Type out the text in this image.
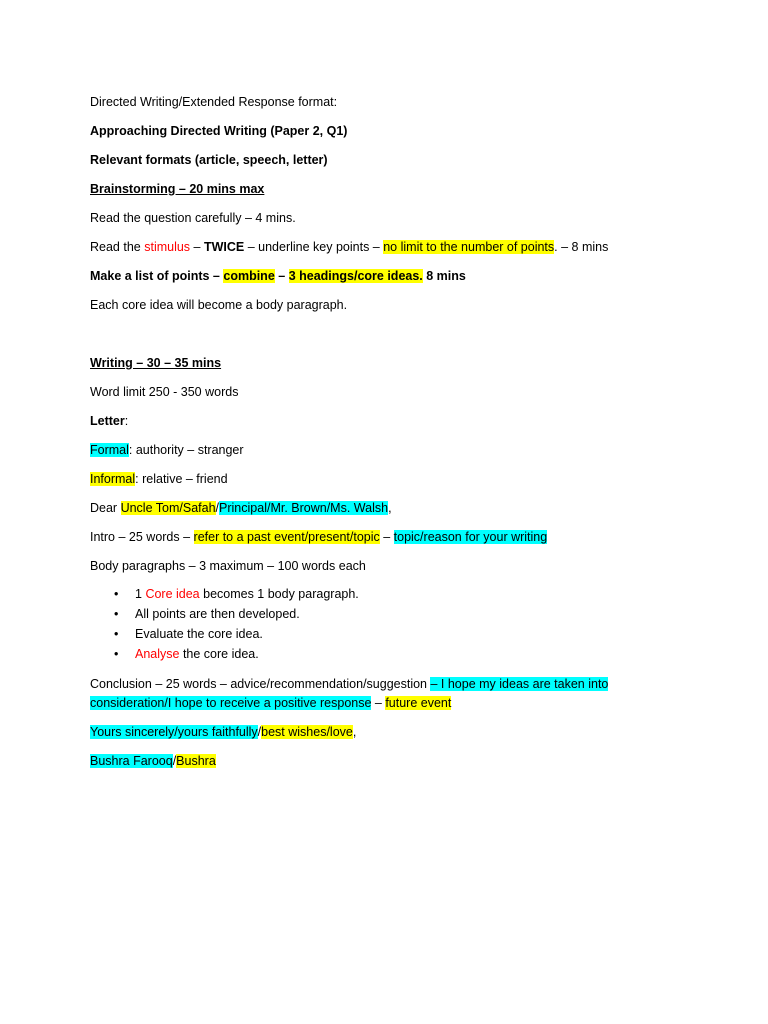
Directed Writing/Extended Response format:
Approaching Directed Writing (Paper 2, Q1)
Relevant formats (article, speech, letter)
Brainstorming – 20 mins max
Read the question carefully – 4 mins.
Read the stimulus – TWICE – underline key points – no limit to the number of points. – 8 mins
Make a list of points – combine – 3 headings/core ideas. 8 mins
Each core idea will become a body paragraph.
Writing – 30 – 35 mins
Word limit 250 - 350 words
Letter:
Formal: authority – stranger
Informal: relative – friend
Dear Uncle Tom/Safah/Principal/Mr. Brown/Ms. Walsh,
Intro – 25 words – refer to a past event/present/topic – topic/reason for your writing
Body paragraphs – 3 maximum – 100 words each
• 1 Core idea becomes 1 body paragraph.
• All points are then developed.
• Evaluate the core idea.
• Analyse the core idea.
Conclusion – 25 words – advice/recommendation/suggestion – I hope my ideas are taken into
consideration/I hope to receive a positive response – future event
Yours sincerely/yours faithfully/best wishes/love,
Bushra Farooq/Bushra
